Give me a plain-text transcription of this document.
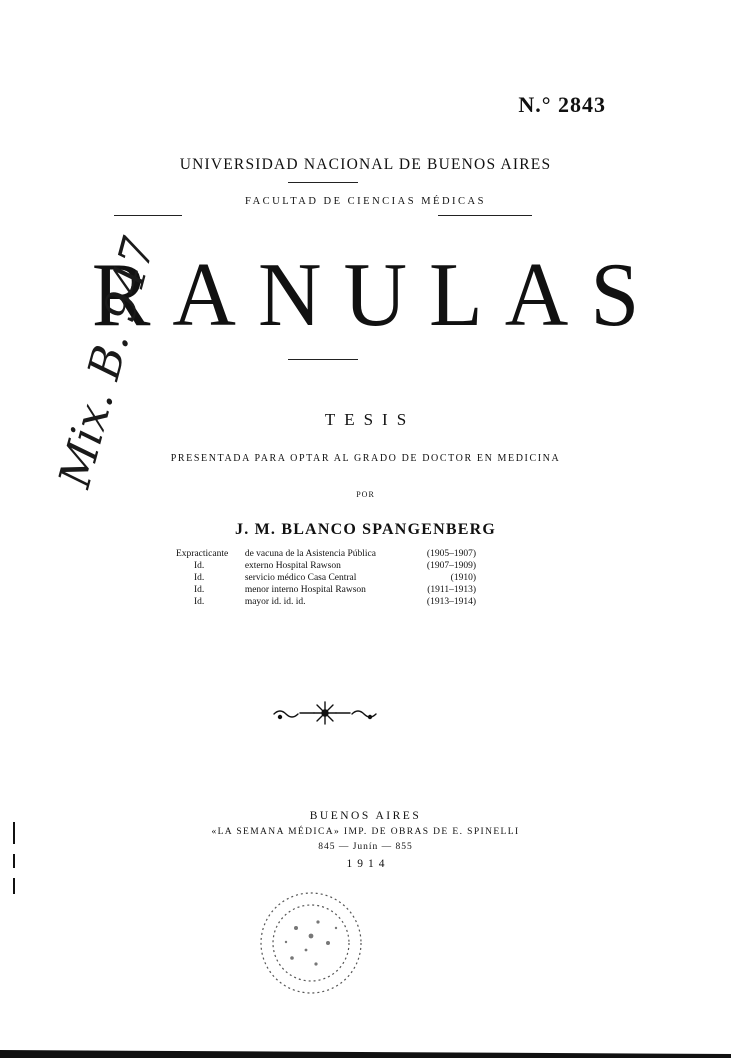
N.° 2843
UNIVERSIDAD NACIONAL DE BUENOS AIRES
FACULTAD DE CIENCIAS MÉDICAS
RANULAS
TESIS
PRESENTADA PARA OPTAR AL GRADO DE DOCTOR EN MEDICINA
POR
J. M. BLANCO SPANGENBERG
Expracticante	de vacuna de la Asistencia Pública	(1905–1907)
Id.	externo Hospital Rawson	(1907–1909)
Id.	servicio médico Casa Central	(1910)
Id.	menor interno Hospital Rawson	(1911–1913)
Id.	mayor id. id. id.	(1913–1914)
BUENOS AIRES
«LA SEMANA MÉDICA» IMP. DE OBRAS DE E. SPINELLI
845 — Junín — 855
1914
Mix. B. 947
